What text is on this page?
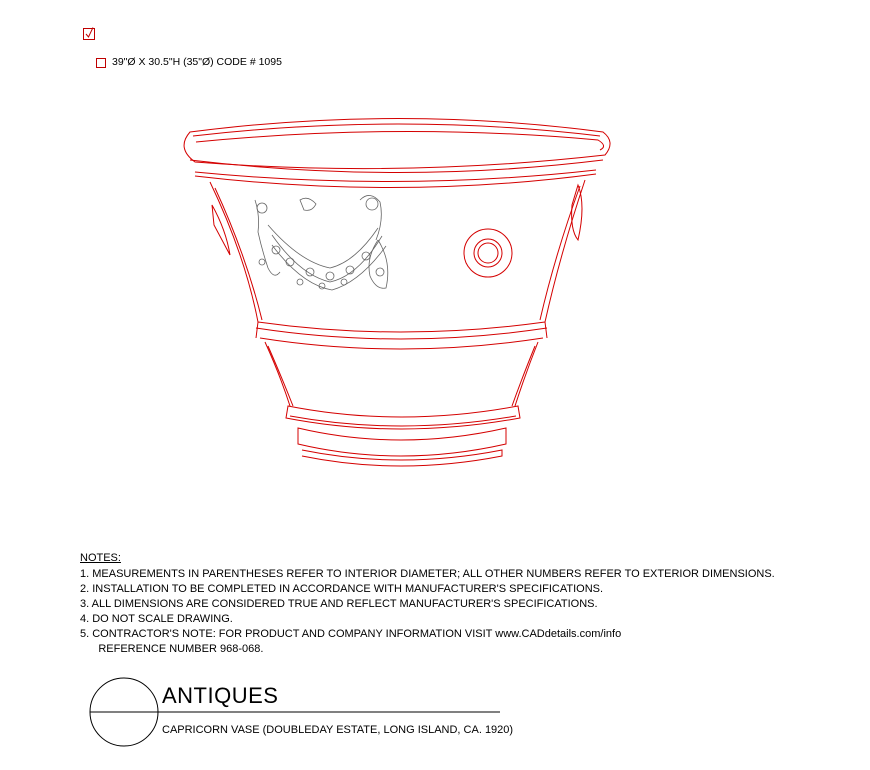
39"Ø X 30.5"H (35"Ø) CODE # 1095
NOTES:
1. MEASUREMENTS IN PARENTHESES REFER TO INTERIOR DIAMETER; ALL OTHER NUMBERS REFER TO EXTERIOR DIMENSIONS.
2. INSTALLATION TO BE COMPLETED IN ACCORDANCE WITH MANUFACTURER'S SPECIFICATIONS.
3. ALL DIMENSIONS ARE CONSIDERED TRUE AND REFLECT MANUFACTURER'S SPECIFICATIONS.
4. DO NOT SCALE DRAWING.
5. CONTRACTOR'S NOTE: FOR PRODUCT AND COMPANY INFORMATION VISIT www.CADdetails.com/info
REFERENCE NUMBER 968-068.
ANTIQUES
CAPRICORN VASE (DOUBLEDAY ESTATE, LONG ISLAND, CA. 1920)
